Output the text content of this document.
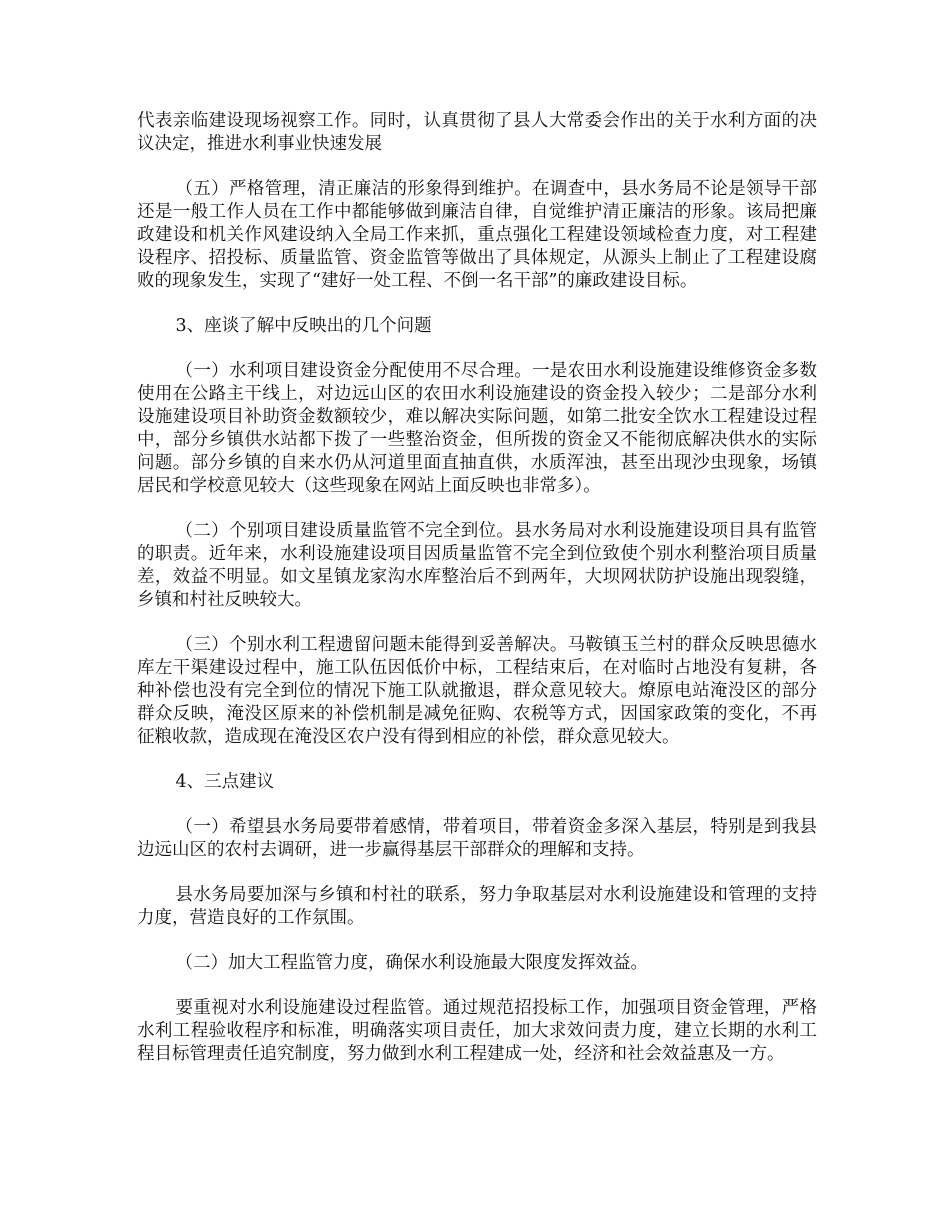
代表亲临建设现场视察工作。同时，认真贯彻了县人大常委会作出的关于水利方面的决议决定，推进水利事业快速发展

（五）严格管理，清正廉洁的形象得到维护。在调查中，县水务局不论是领导干部还是一般工作人员在工作中都能够做到廉洁自律，自觉维护清正廉洁的形象。该局把廉政建设和机关作风建设纳入全局工作来抓，重点强化工程建设领域检查力度，对工程建设程序、招投标、质量监管、资金监管等做出了具体规定，从源头上制止了工程建设腐败的现象发生，实现了“建好一处工程、不倒一名干部”的廉政建设目标。

3、座谈了解中反映出的几个问题

（一）水利项目建设资金分配使用不尽合理。一是农田水利设施建设维修资金多数使用在公路主干线上，对边远山区的农田水利设施建设的资金投入较少；二是部分水利设施建设项目补助资金数额较少，难以解决实际问题，如第二批安全饮水工程建设过程中，部分乡镇供水站都下拨了一些整治资金，但所拨的资金又不能彻底解决供水的实际问题。部分乡镇的自来水仍从河道里面直抽直供，水质浑浊，甚至出现沙虫现象，场镇居民和学校意见较大（这些现象在网站上面反映也非常多）。

（二）个别项目建设质量监管不完全到位。县水务局对水利设施建设项目具有监管的职责。近年来，水利设施建设项目因质量监管不完全到位致使个别水利整治项目质量差，效益不明显。如文星镇龙家沟水库整治后不到两年，大坝网状防护设施出现裂缝，乡镇和村社反映较大。

（三）个别水利工程遗留问题未能得到妥善解决。马鞍镇玉兰村的群众反映思德水库左干渠建设过程中，施工队伍因低价中标，工程结束后，在对临时占地没有复耕，各种补偿也没有完全到位的情况下施工队就撤退，群众意见较大。燎原电站淹没区的部分群众反映，淹没区原来的补偿机制是减免征购、农税等方式，因国家政策的变化，不再征粮收款，造成现在淹没区农户没有得到相应的补偿，群众意见较大。

4、三点建议

（一）希望县水务局要带着感情，带着项目，带着资金多深入基层，特别是到我县边远山区的农村去调研，进一步赢得基层干部群众的理解和支持。

县水务局要加深与乡镇和村社的联系，努力争取基层对水利设施建设和管理的支持力度，营造良好的工作氛围。

（二）加大工程监管力度，确保水利设施最大限度发挥效益。

要重视对水利设施建设过程监管。通过规范招投标工作，加强项目资金管理，严格水利工程验收程序和标准，明确落实项目责任，加大求效问责力度，建立长期的水利工程目标管理责任追究制度，努力做到水利工程建成一处，经济和社会效益惠及一方。
